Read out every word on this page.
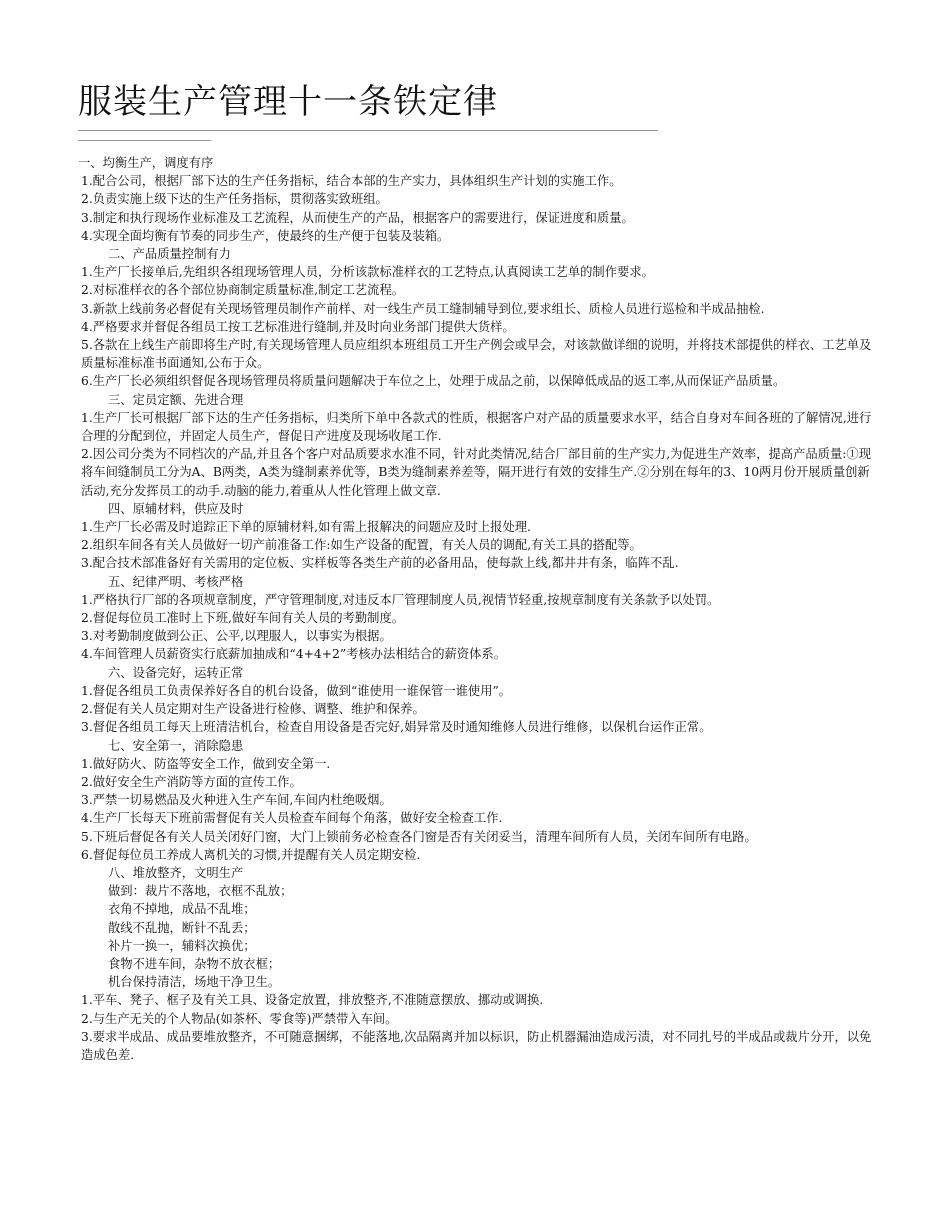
服装生产管理十一条铁定律
———————————————————————————————————————————————————————————————————————————————————————————————————————————————————————————————————
——————————————————————————————
一、均衡生产，调度有序
1.配合公司，根据厂部下达的生产任务指标，结合本部的生产实力，具体组织生产计划的实施工作。
2.负责实施上级下达的生产任务指标，贯彻落实致班组。
3.制定和执行现场作业标准及工艺流程，从而使生产的产品，根据客户的需要进行，保证进度和质量。
4.实现全面均衡有节奏的同步生产，使最终的生产便于包装及装箱。
二、产品质量控制有力
1.生产厂长接单后,先组织各组现场管理人员，分析该款标准样衣的工艺特点,认真阅读工艺单的制作要求。
2.对标准样衣的各个部位协商制定质量标准,制定工艺流程。
3.新款上线前务必督促有关现场管理员制作产前样、对一线生产员工缝制辅导到位,要求组长、质检人员进行巡检和半成品抽检.
4.严格要求并督促各组员工按工艺标准进行缝制,并及时向业务部门提供大货样。
5.各款在上线生产前即将生产时,有关现场管理人员应组织本班组员工开生产例会或早会，对该款做详细的说明，并将技术部提供的样衣、工艺单及质量标准标准书面通知,公布于众。
6.生产厂长必须组织督促各现场管理员将质量问题解决于车位之上，处理于成品之前，以保障低成品的返工率,从而保证产品质量。
三、定员定额、先进合理
1.生产厂长可根据厂部下达的生产任务指标，归类所下单中各款式的性质，根据客户对产品的质量要求水平，结合自身对车间各班的了解情况,进行合理的分配到位，并固定人员生产，督促日产进度及现场收尾工作.
2.因公司分类为不同档次的产品,并且各个客户对品质要求水准不同，针对此类情况,结合厂部目前的生产实力,为促进生产效率，提高产品质量:①现将车间缝制员工分为A、B两类，A类为缝制素养优等，B类为缝制素养差等，隔开进行有效的安排生产.②分别在每年的3、10两月份开展质量创新活动,充分发挥员工的动手.动脑的能力,着重从人性化管理上做文章.
四、原辅材料，供应及时
1.生产厂长必需及时追踪正下单的原辅材料,如有需上报解决的问题应及时上报处理.
2.组织车间各有关人员做好一切产前准备工作:如生产设备的配置，有关人员的调配,有关工具的搭配等。
3.配合技术部准备好有关需用的定位板、实样板等各类生产前的必备用品，使每款上线,都井井有条，临阵不乱.
五、纪律严明、考核严格
1.严格执行厂部的各项规章制度，严守管理制度,对违反本厂管理制度人员,视情节轻重,按规章制度有关条款予以处罚。
2.督促每位员工准时上下班,做好车间有关人员的考勤制度。
3.对考勤制度做到公正、公平,以理服人，以事实为根据。
4.车间管理人员薪资实行底薪加抽成和“4+4+2”考核办法相结合的薪资体系。
六、设备完好，运转正常
1.督促各组员工负责保养好各自的机台设备，做到“谁使用一谁保管一谁使用”。
2.督促有关人员定期对生产设备进行检修、调整、维护和保养。
3.督促各组员工每天上班清洁机台，检查自用设备是否完好,娟异常及时通知维修人员进行维修，以保机台运作正常。
七、安全第一，消除隐患
1.做好防火、防盗等安全工作，做到安全第一.
2.做好安全生产消防等方面的宣传工作。
3.严禁一切易燃品及火种进入生产车间,车间内杜绝吸烟。
4.生产厂长每天下班前需督促有关人员检查车间每个角落，做好安全检查工作.
5.下班后督促各有关人员关闭好门窗，大门上锁前务必检查各门窗是否有关闭妥当，清理车间所有人员，关闭车间所有电路。
6.督促每位员工养成人离机关的习惯,并提醒有关人员定期安检.
八、堆放整齐，文明生产
做到：裁片不落地，衣框不乱放；
衣角不掉地，成品不乱堆；
散线不乱抛，断针不乱丢；
补片一换一，辅料次换优；
食物不进车间，杂物不放衣框；
机台保持清洁，场地干净卫生。
1.平车、凳子、框子及有关工具、设备定放置，排放整齐,不准随意摆放、挪动或调换.
2.与生产无关的个人物品(如茶杯、零食等)严禁带入车间。
3.要求半成品、成品要堆放整齐，不可随意捆绑，不能落地,次品隔离并加以标识，防止机器漏油造成污渍，对不同扎号的半成品或裁片分开，以免造成色差.
